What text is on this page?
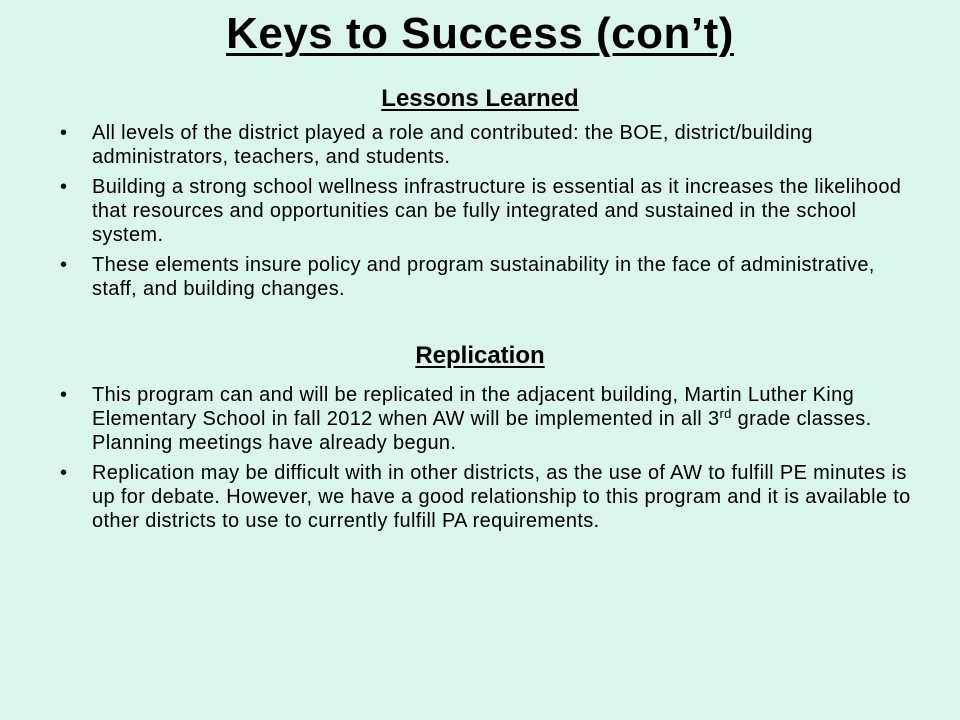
Keys to Success (con’t)
Lessons Learned
• All levels of the district played a role and contributed: the BOE, district/building administrators, teachers, and students.
• Building a strong school wellness infrastructure is essential as it increases the likelihood that resources and opportunities can be fully integrated and sustained in the school system.
• These elements insure policy and program sustainability in the face of administrative, staff, and building changes.
Replication
• This program can and will be replicated in the adjacent building, Martin Luther King Elementary School in fall 2012 when AW will be implemented in all 3rd grade classes. Planning meetings have already begun.
• Replication may be difficult with in other districts, as the use of AW to fulfill PE minutes is up for debate. However, we have a good relationship to this program and it is available to other districts to use to currently fulfill PA requirements.
